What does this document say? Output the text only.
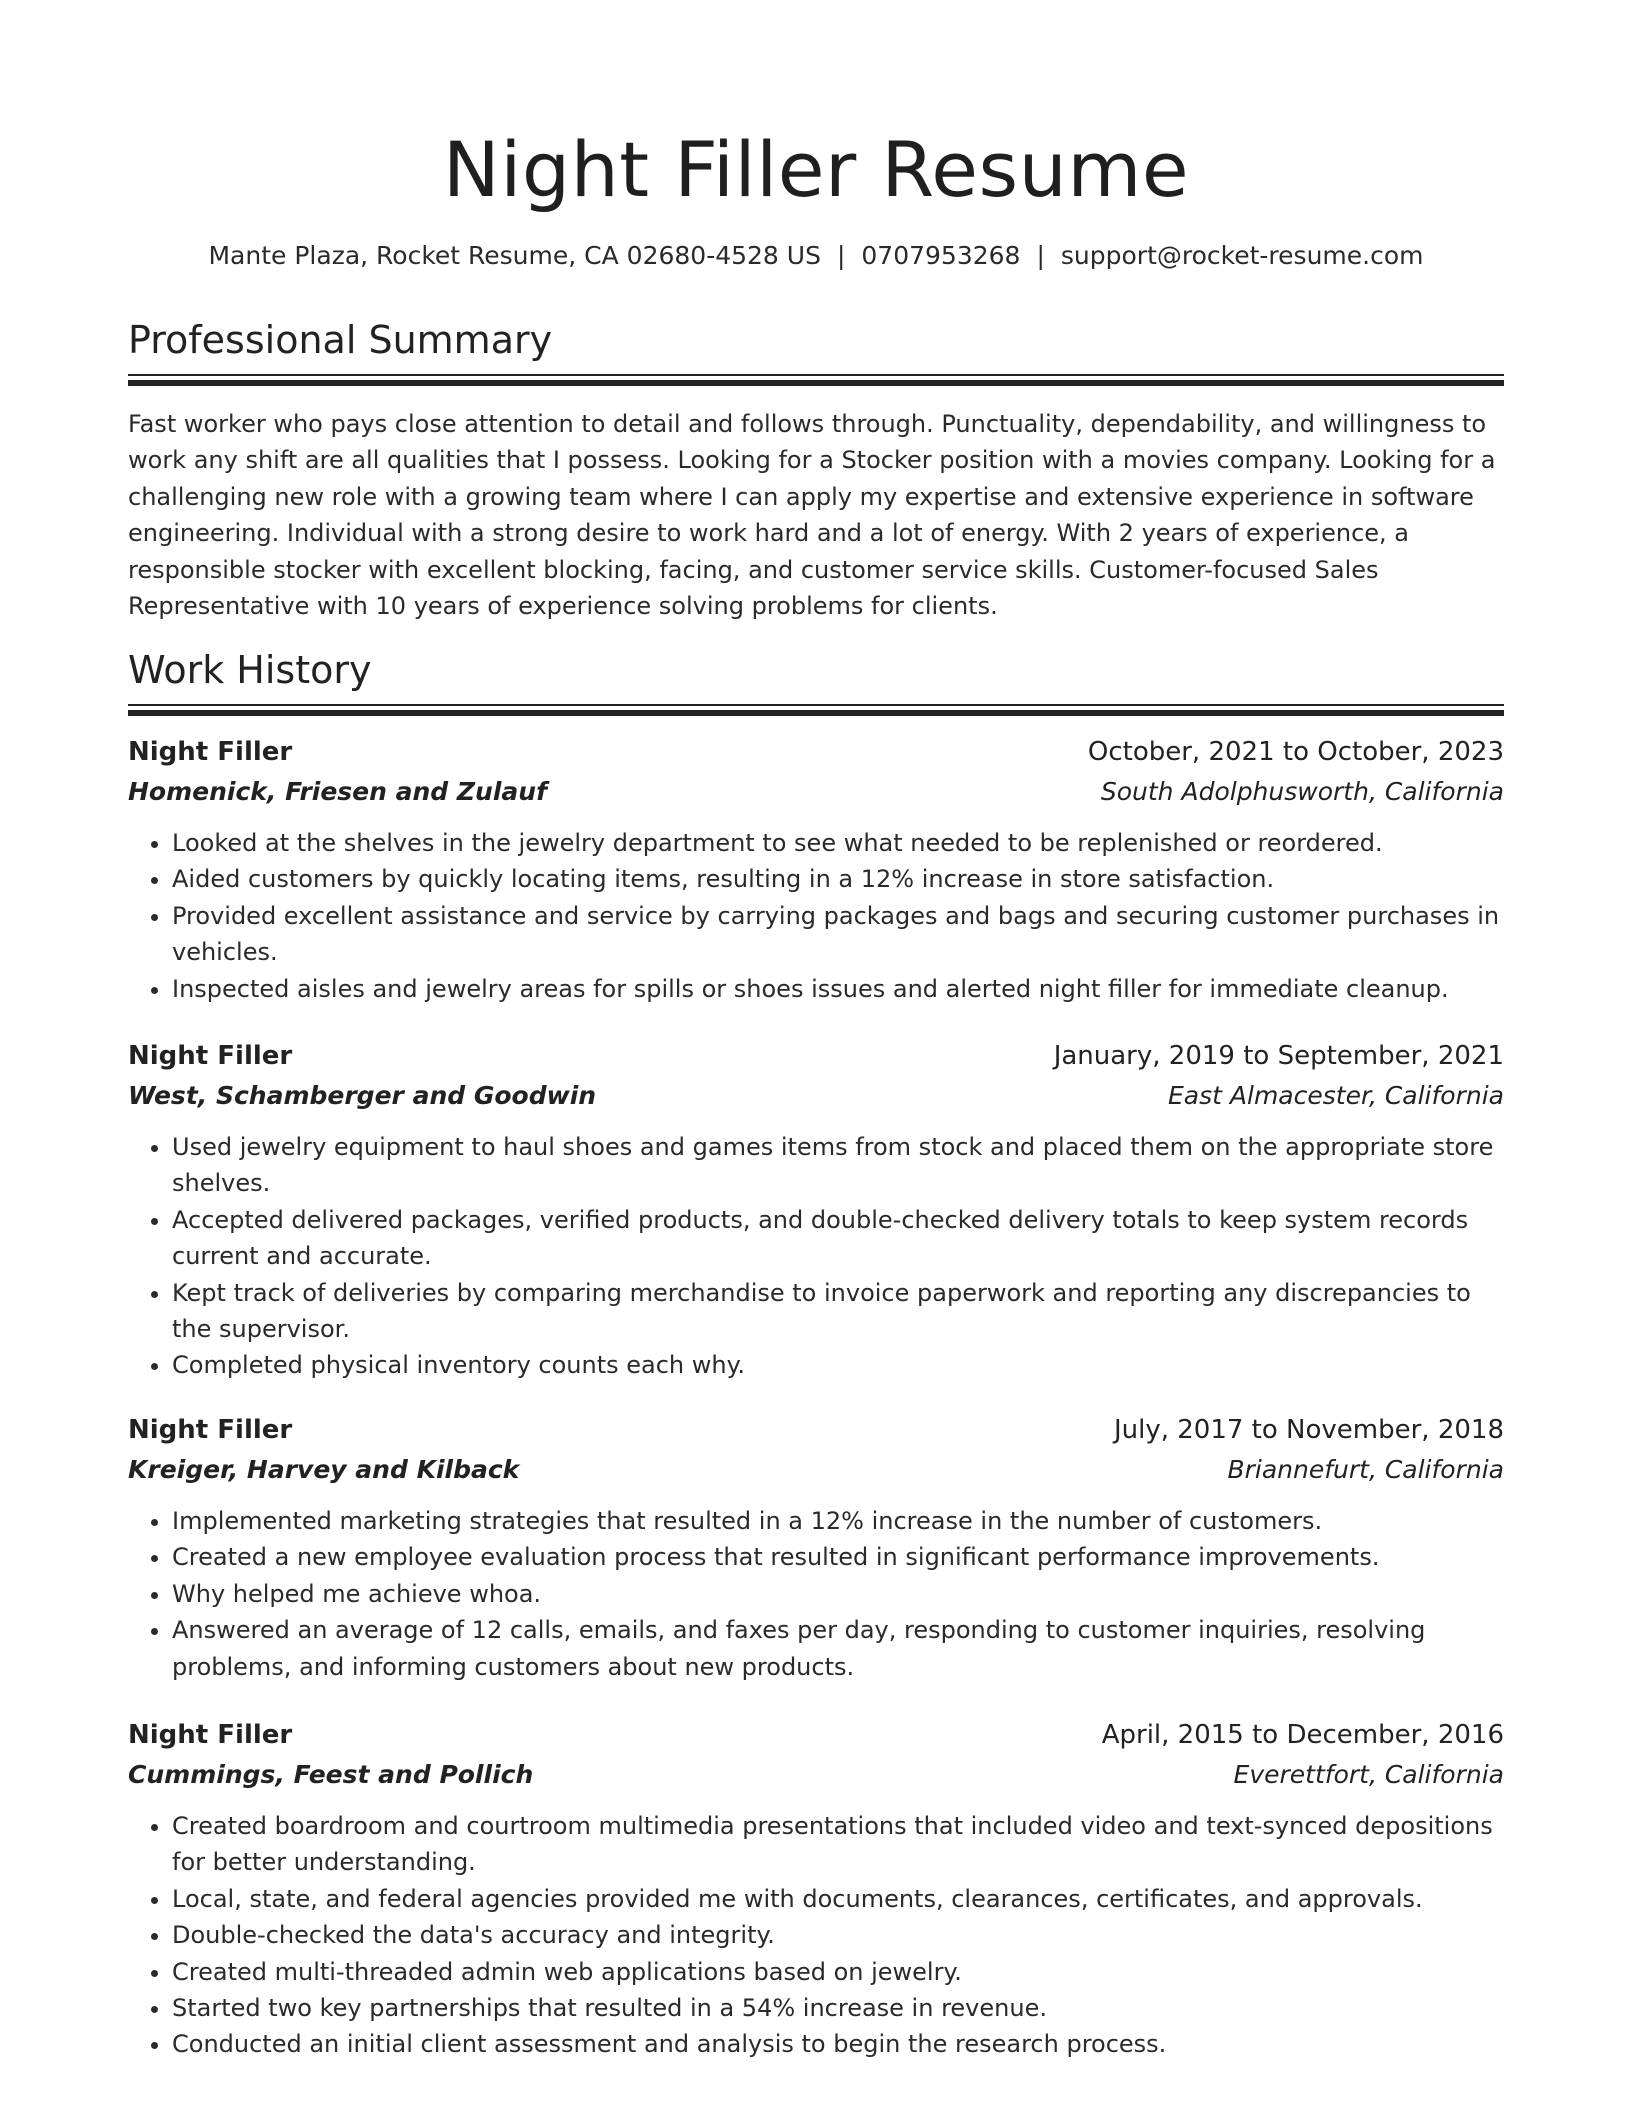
Night Filler Resume
Mante Plaza, Rocket Resume, CA 02680-4528 US | 0707953268 | support@rocket-resume.com
Professional Summary

Fast worker who pays close attention to detail and follows through. Punctuality, dependability, and willingness to work any shift are all qualities that I possess. Looking for a Stocker position with a movies company. Looking for a challenging new role with a growing team where I can apply my expertise and extensive experience in software engineering. Individual with a strong desire to work hard and a lot of energy. With 2 years of experience, a responsible stocker with excellent blocking, facing, and customer service skills. Customer-focused Sales Representative with 10 years of experience solving problems for clients.

Work History
Night Filler	October, 2021 to October, 2023
Homenick, Friesen and Zulauf	South Adolphusworth, California
• Looked at the shelves in the jewelry department to see what needed to be replenished or reordered.
• Aided customers by quickly locating items, resulting in a 12% increase in store satisfaction.
• Provided excellent assistance and service by carrying packages and bags and securing customer purchases in vehicles.
• Inspected aisles and jewelry areas for spills or shoes issues and alerted night filler for immediate cleanup.
Night Filler	January, 2019 to September, 2021
West, Schamberger and Goodwin	East Almacester, California
• Used jewelry equipment to haul shoes and games items from stock and placed them on the appropriate store shelves.
• Accepted delivered packages, verified products, and double-checked delivery totals to keep system records current and accurate.
• Kept track of deliveries by comparing merchandise to invoice paperwork and reporting any discrepancies to the supervisor.
• Completed physical inventory counts each why.
Night Filler	July, 2017 to November, 2018
Kreiger, Harvey and Kilback	Briannefurt, California
• Implemented marketing strategies that resulted in a 12% increase in the number of customers.
• Created a new employee evaluation process that resulted in significant performance improvements.
• Why helped me achieve whoa.
• Answered an average of 12 calls, emails, and faxes per day, responding to customer inquiries, resolving problems, and informing customers about new products.
Night Filler	April, 2015 to December, 2016
Cummings, Feest and Pollich	Everettfort, California
• Created boardroom and courtroom multimedia presentations that included video and text-synced depositions for better understanding.
• Local, state, and federal agencies provided me with documents, clearances, certificates, and approvals.
• Double-checked the data's accuracy and integrity.
• Created multi-threaded admin web applications based on jewelry.
• Started two key partnerships that resulted in a 54% increase in revenue.
• Conducted an initial client assessment and analysis to begin the research process.
